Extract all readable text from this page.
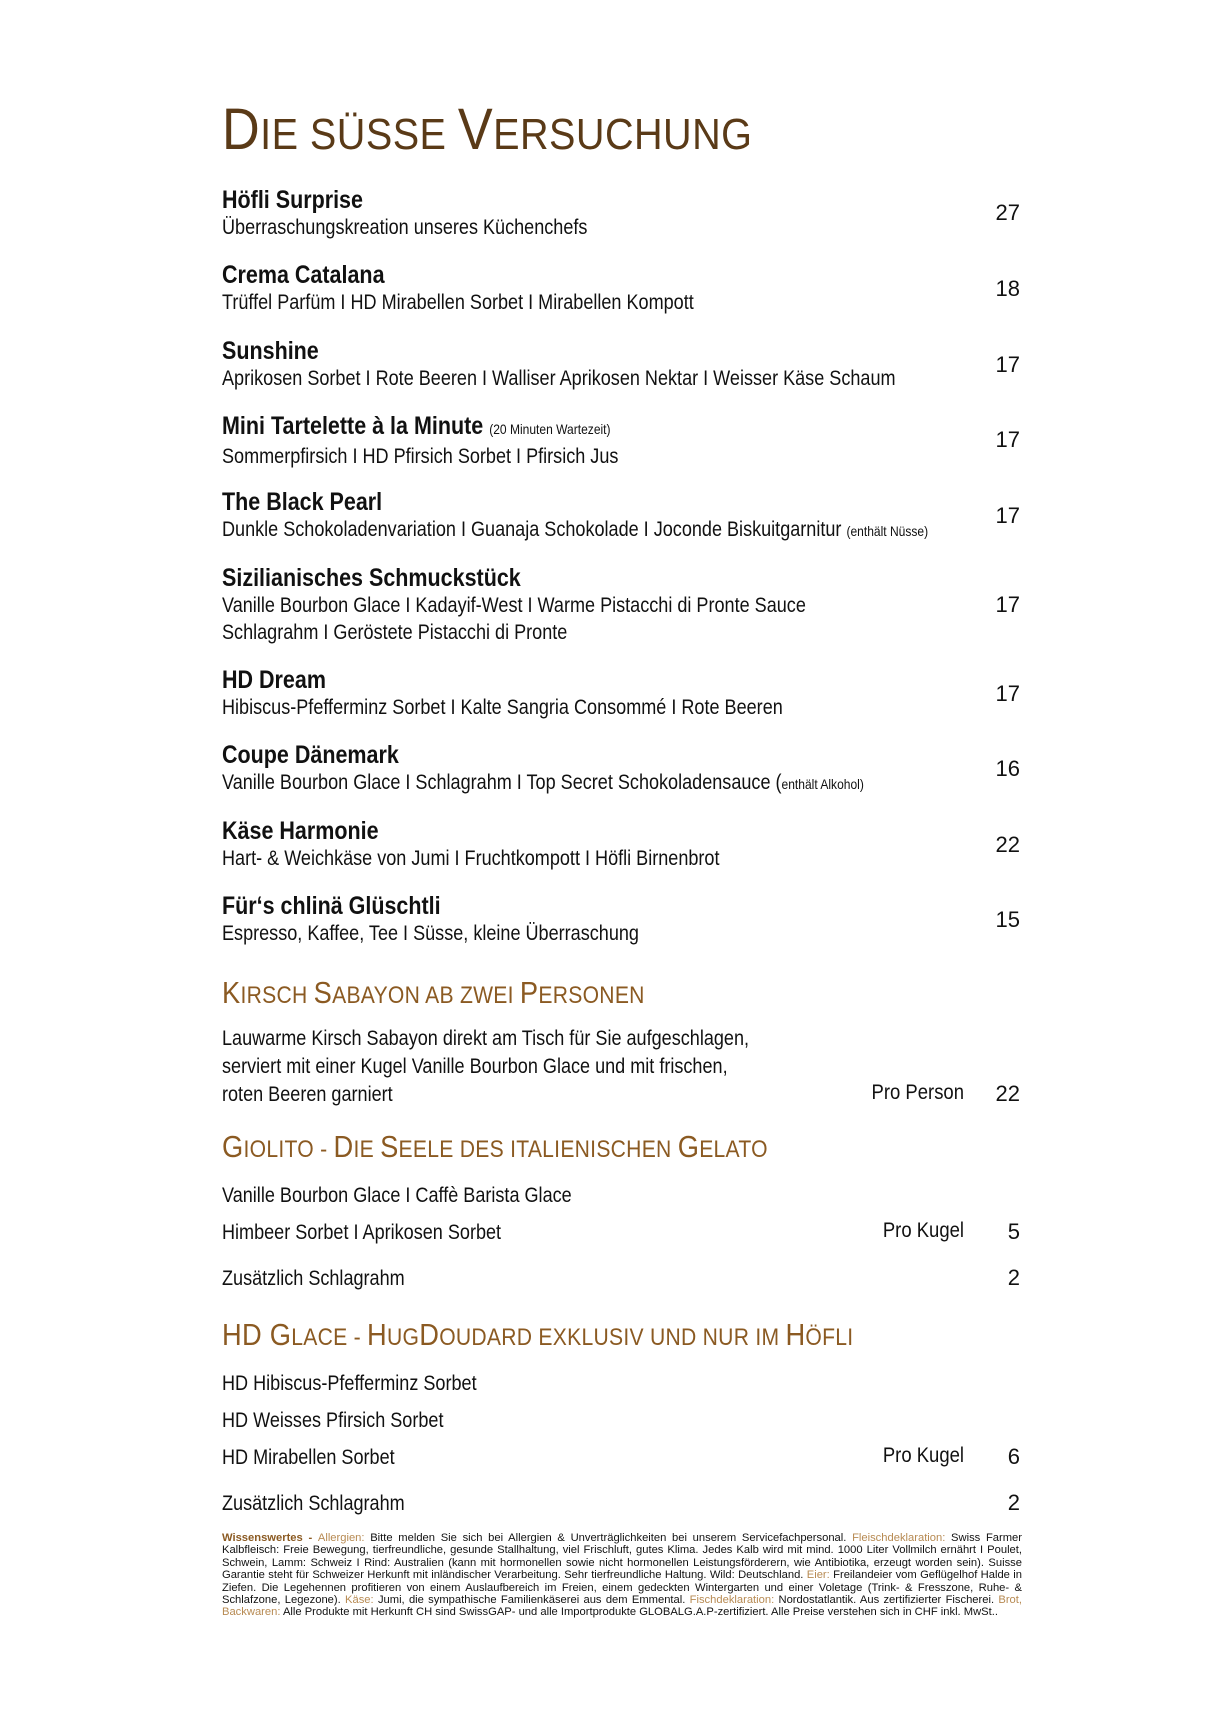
DIE SÜSSE VERSUCHUNG
Höfli Surprise
Überraschungskreation unseres Küchenchefs
27
Crema Catalana
Trüffel Parfüm I HD Mirabellen Sorbet I Mirabellen Kompott
18
Sunshine
Aprikosen Sorbet I Rote Beeren I Walliser Aprikosen Nektar I Weisser Käse Schaum
17
Mini Tartelette à la Minute (20 Minuten Wartezeit)
Sommerpfirsich I HD Pfirsich Sorbet I Pfirsich Jus
17
The Black Pearl
Dunkle Schokoladenvariation I Guanaja Schokolade I Joconde Biskuitgarnitur (enthält Nüsse)
17
Sizilianisches Schmuckstück
Vanille Bourbon Glace I Kadayif-West I Warme Pistacchi di Pronte Sauce
Schlagrahm I Geröstete Pistacchi di Pronte
17
HD Dream
Hibiscus-Pfefferminz Sorbet I Kalte Sangria Consommé I Rote Beeren
17
Coupe Dänemark
Vanille Bourbon Glace I Schlagrahm I Top Secret Schokoladensauce (enthält Alkohol)
16
Käse Harmonie
Hart- & Weichkäse von Jumi I Fruchtkompott I Höfli Birnenbrot
22
Für‘s chlinä Glüschtli
Espresso, Kaffee, Tee I Süsse, kleine Überraschung
15
KIRSCH SABAYON AB ZWEI PERSONEN
Lauwarme Kirsch Sabayon direkt am Tisch für Sie aufgeschlagen,
serviert mit einer Kugel Vanille Bourbon Glace und mit frischen,
roten Beeren garniert	Pro Person	22
GIOLITO - DIE SEELE DES ITALIENISCHEN GELATO
Vanille Bourbon Glace I Caffè Barista Glace
Himbeer Sorbet I Aprikosen Sorbet	Pro Kugel	5
Zusätzlich Schlagrahm	2
HD GLACE - HUGDOUDARD EXKLUSIV UND NUR IM HÖFLI
HD Hibiscus-Pfefferminz Sorbet
HD Weisses Pfirsich Sorbet
HD Mirabellen Sorbet	Pro Kugel	6
Zusätzlich Schlagrahm	2
Wissenswertes - Allergien: Bitte melden Sie sich bei Allergien & Unverträglichkeiten bei unserem Servicefachpersonal. Fleischdeklaration: Swiss Farmer Kalbfleisch: Freie Bewegung, tierfreundliche, gesunde Stallhaltung, viel Frischluft, gutes Klima. Jedes Kalb wird mit mind. 1000 Liter Vollmilch ernährt I Poulet, Schwein, Lamm: Schweiz I Rind: Australien (kann mit hormonellen sowie nicht hormonellen Leistungsförderern, wie Antibiotika, erzeugt worden sein). Suisse Garantie steht für Schweizer Herkunft mit inländischer Verarbeitung. Sehr tierfreundliche Haltung. Wild: Deutschland. Eier: Freilandeier vom Geflügelhof Halde in Ziefen. Die Legehennen profitieren von einem Auslaufbereich im Freien, einem gedeckten Wintergarten und einer Voletage (Trink- & Fresszone, Ruhe- & Schlafzone, Legezone). Käse: Jumi, die sympathische Familienkäserei aus dem Emmental. Fischdeklaration: Nordostatlantik. Aus zertifizierter Fischerei. Brot, Backwaren: Alle Produkte mit Herkunft CH sind SwissGAP- und alle Importprodukte GLOBALG.A.P-zertifiziert. Alle Preise verstehen sich in CHF inkl. MwSt..
